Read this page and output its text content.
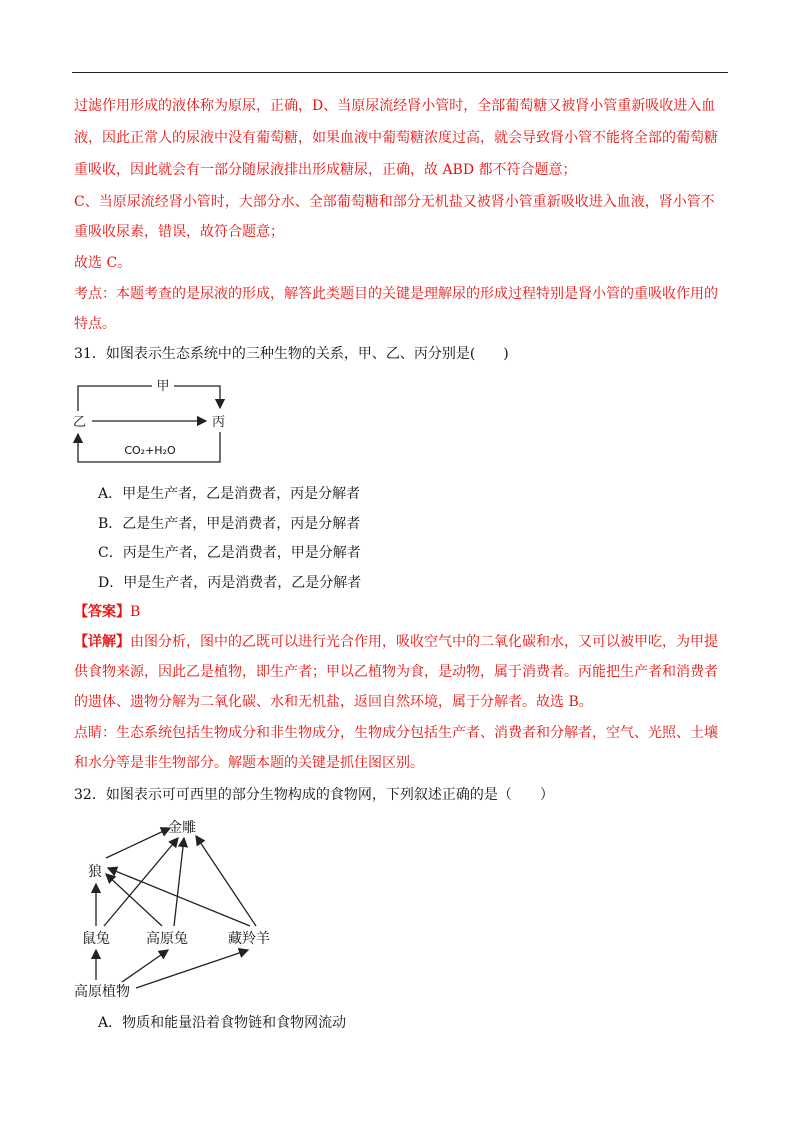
过滤作用形成的液体称为原尿，正确，D、当原尿流经肾小管时，全部葡萄糖又被肾小管重新吸收进入血
液，因此正常人的尿液中没有葡萄糖，如果血液中葡萄糖浓度过高，就会导致肾小管不能将全部的葡萄糖
重吸收，因此就会有一部分随尿液排出形成糖尿，正确，故 ABD 都不符合题意；
C、当原尿流经肾小管时，大部分水、全部葡萄糖和部分无机盐又被肾小管重新吸收进入血液，肾小管不
重吸收尿素，错误，故符合题意；
故选 C。
考点：本题考查的是尿液的形成，解答此类题目的关键是理解尿的形成过程特别是肾小管的重吸收作用的
特点。
31．如图表示生态系统中的三种生物的关系，甲、乙、丙分别是(　　)
甲
乙	丙
CO₂+H₂O
A．甲是生产者，乙是消费者，丙是分解者
B．乙是生产者，甲是消费者，丙是分解者
C．丙是生产者，乙是消费者，甲是分解者
D．甲是生产者，丙是消费者，乙是分解者
【答案】B
【详解】由图分析，图中的乙既可以进行光合作用，吸收空气中的二氧化碳和水，又可以被甲吃，为甲提
供食物来源，因此乙是植物，即生产者；甲以乙植物为食，是动物，属于消费者。丙能把生产者和消费者
的遗体、遗物分解为二氧化碳、水和无机盐，返回自然环境，属于分解者。故选 B。
点睛：生态系统包括生物成分和非生物成分，生物成分包括生产者、消费者和分解者，空气、光照、土壤
和水分等是非生物部分。解题本题的关键是抓住图区别。
32．如图表示可可西里的部分生物构成的食物网，下列叙述正确的是（　　）
金雕
狼
鼠兔	高原兔	藏羚羊
高原植物
A．物质和能量沿着食物链和食物网流动
